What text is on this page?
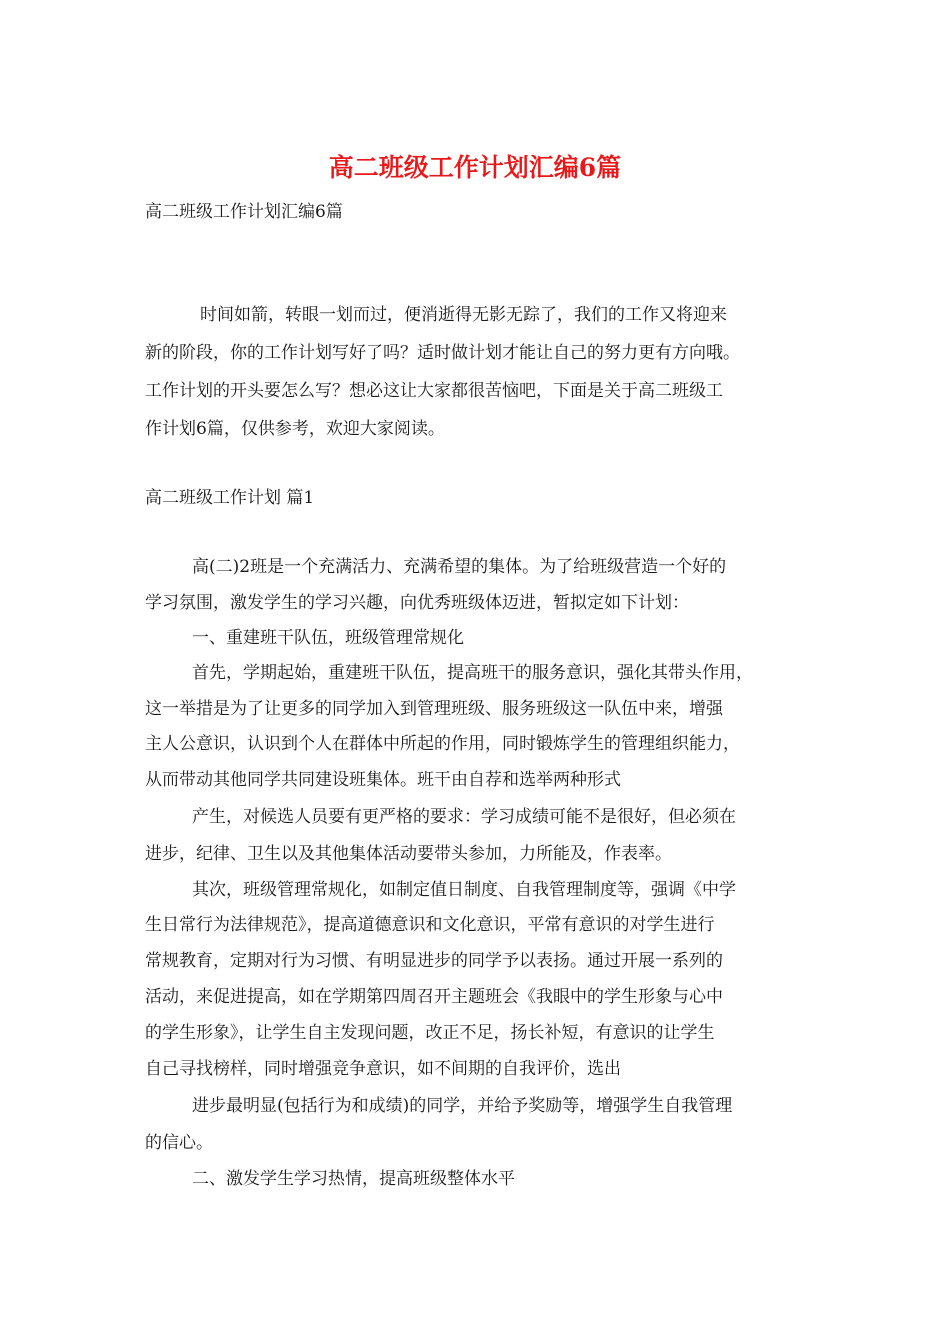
高二班级工作计划汇编6篇
高二班级工作计划汇编6篇
时间如箭，转眼一划而过，便消逝得无影无踪了，我们的工作又将迎来
新的阶段，你的工作计划写好了吗？适时做计划才能让自己的努力更有方向哦。
工作计划的开头要怎么写？想必这让大家都很苦恼吧，下面是关于高二班级工
作计划6篇，仅供参考，欢迎大家阅读。
高二班级工作计划 篇1
高(二)2班是一个充满活力、充满希望的集体。为了给班级营造一个好的
学习氛围，激发学生的学习兴趣，向优秀班级体迈进，暂拟定如下计划：
一、重建班干队伍，班级管理常规化
首先，学期起始，重建班干队伍，提高班干的服务意识，强化其带头作用，
这一举措是为了让更多的同学加入到管理班级、服务班级这一队伍中来，增强
主人公意识，认识到个人在群体中所起的作用，同时锻炼学生的管理组织能力，
从而带动其他同学共同建设班集体。班干由自荐和选举两种形式
产生，对候选人员要有更严格的要求：学习成绩可能不是很好，但必须在
进步，纪律、卫生以及其他集体活动要带头参加，力所能及，作表率。
其次，班级管理常规化，如制定值日制度、自我管理制度等，强调《中学
生日常行为法律规范》，提高道德意识和文化意识，平常有意识的对学生进行
常规教育，定期对行为习惯、有明显进步的同学予以表扬。通过开展一系列的
活动，来促进提高，如在学期第四周召开主题班会《我眼中的学生形象与心中
的学生形象》，让学生自主发现问题，改正不足，扬长补短，有意识的让学生
自己寻找榜样，同时增强竞争意识，如不间期的自我评价，选出
进步最明显(包括行为和成绩)的同学，并给予奖励等，增强学生自我管理
的信心。
二、激发学生学习热情，提高班级整体水平
